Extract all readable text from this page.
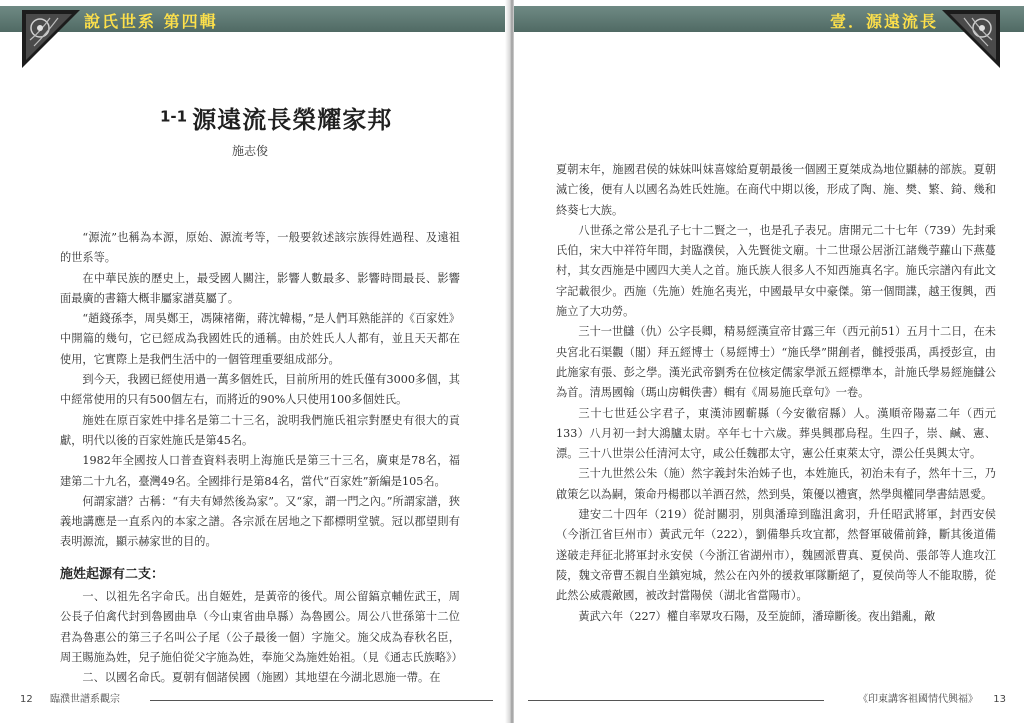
說氏世系 第四輯
1-1 源遠流長榮耀家邦
施志俊

“源流”也稱為本源，原始、源流考等，一般要敘述該宗族得姓過程、及遠祖的世系等。

在中華民族的歷史上，最受國人關注，影響人數最多、影響時間最長、影響面最廣的書籍大概非屬家譜莫屬了。

“趙錢孫李，周吳鄭王，馮陳褚衛，蔣沈韓楊，”是人們耳熟能詳的《百家姓》中開篇的幾句，它已經成為我國姓氏的通稱。由於姓氏人人都有，並且天天都在使用，它實際上是我們生活中的一個管理重要組成部分。

到今天，我國已經使用過一萬多個姓氏，目前所用的姓氏僅有3000多個，其中經常使用的只有500個左右，而將近的90%人只使用100多個姓氏。

施姓在原百家姓中排名是第二十三名，說明我們施氏祖宗對歷史有很大的貢獻，明代以後的百家姓施氏是第45名。

1982年全國按人口普查資料表明上海施氏是第三十三名，廣東是78名，福建第二十九名，臺灣49名。全國排行是第84名，當代“百家姓”新編是105名。

何謂家譜？古稱：“有夫有婦然後為家”。又“家，謂一門之內。”所謂家譜，狹義地講應是一直系內的本家之譜。各宗派在居地之下都標明堂號。冠以郡望則有表明源流，顯示赫家世的目的。

施姓起源有二支：

一、以祖先名字命氏。出自姬姓，是黃帝的後代。周公留鎬京輔佐武王，周公長子伯禽代封到魯國曲阜（今山東省曲阜縣）為魯國公。周公八世孫第十二位君為魯惠公的第三子名叫公子尾（公子最後一個）字施父。施父成為春秋名臣，周王賜施為姓，兒子施伯從父字施為姓，奉施父為施姓始祖。（見《通志氏族略》）

二、以國名命氏。夏朝有個諸侯國（施國）其地望在今湖北恩施一帶。在

12 臨濮世譜系觀宗
壹．源遠流長

夏朝末年，施國君侯的妹妹叫妺喜嫁給夏朝最後一個國王夏桀成為地位顯赫的部族。夏朝滅亡後，便有人以國名為姓氏姓施。在商代中期以後，形成了陶、施、樊、繁、錡、幾和終葵七大族。

八世孫之常公是孔子七十二賢之一，也是孔子表兄。唐開元二十七年（739）先封乘氏伯，宋大中祥符年間，封臨濮侯，入先賢徙文廟。十二世璟公居浙江諸幾苧蘿山下燕蔓村，其女西施是中國四大美人之首。施氏族人很多人不知西施真名字。施氏宗譜內有此文字記載很少。西施（先施）姓施名夷光，中國最早女中豪傑。第一個間諜，越王復興，西施立了大功勞。

三十一世讎（仇）公字長卿，精易經漢宣帝甘露三年（西元前51）五月十二日，在未央宮北石渠觀（閣）拜五經博士（易經博士）“施氏學”開創者，雠授張禹，禹授彭宣，由此施家有張、彭之學。漢光武帝劉秀在位核定儒家學派五經標準本，計施氏學易經施讎公為首。清馬國翰（瑪山房輯佚書）輯有《周易施氏章句》一卷。

三十七世廷公字君子，東漢沛國蘄縣（今安徽宿縣）人。漢順帝陽嘉二年（西元133）八月初一封大鴻臚太尉。卒年七十六歲。葬吳興郡烏程。生四子，崇、鹹、憲、漂。三十八世崇公任清河太守，咸公任魏郡太守，憲公任東萊太守，漂公任吳興太守。

三十九世然公朱（施）然字義封朱治姊子也，本姓施氏，初治未有子，然年十三，乃啟策乞以為嗣，策命丹楊郡以羊酒召然，然到吳，策優以禮賓，然學與權同學書結恩愛。

建安二十四年（219）從討關羽，別與潘璋到臨沮禽羽，升任昭武將軍，封西安侯（今浙江省巨州市）黃武元年（222），劉備舉兵攻宜都，然督軍破備前鋒，斷其後道備遂破走拜征北將軍封永安侯（今浙江省湖州市），魏國派曹真、夏侯尚、張郃等人進攻江陵，魏文帝曹丕親自坐鎮宛城，然公在內外的援救軍隊斷絕了，夏侯尚等人不能取勝，從此然公威震敵國，被改封當陽侯（湖北省當陽市）。

黃武六年（227）權自率眾攻石陽，及至旋師，潘璋斷後。夜出錯亂，敵

《印東講客祖國情代興福》 13
